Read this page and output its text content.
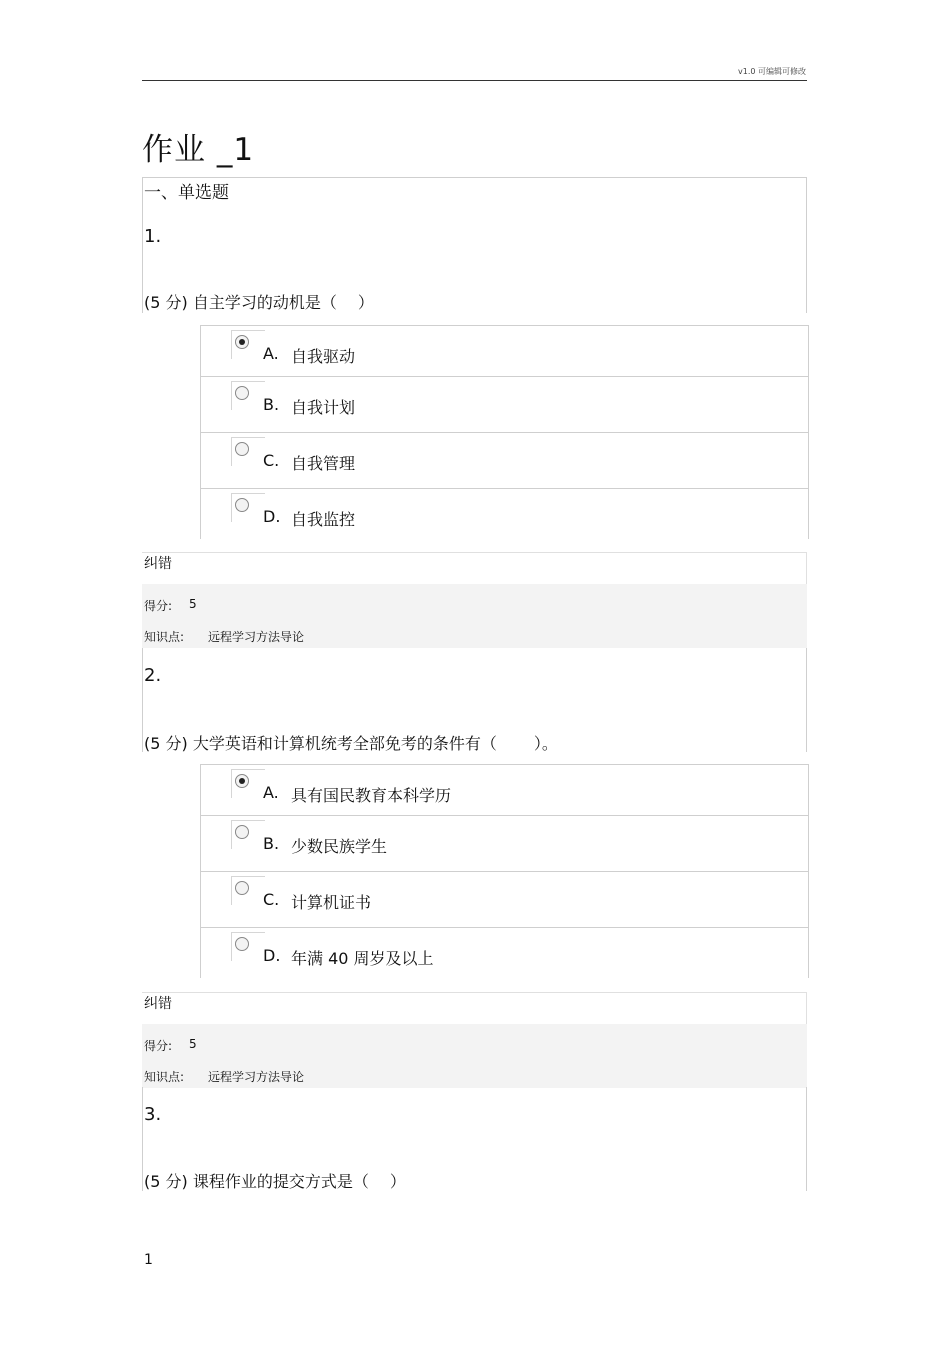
v1.0 可编辑可修改
作业 _1
一、单选题
1.
(5 分) 自主学习的动机是（　 ）
A. 自我驱动
B. 自我计划
C. 自我管理
D. 自我监控
纠错
得分: 5
知识点: 远程学习方法导论
2.
(5 分) 大学英语和计算机统考全部免考的条件有（　　 ）。
A. 具有国民教育本科学历
B. 少数民族学生
C. 计算机证书
D. 年满 40 周岁及以上
纠错
得分: 5
知识点: 远程学习方法导论
3.
(5 分) 课程作业的提交方式是（　 ）
1
